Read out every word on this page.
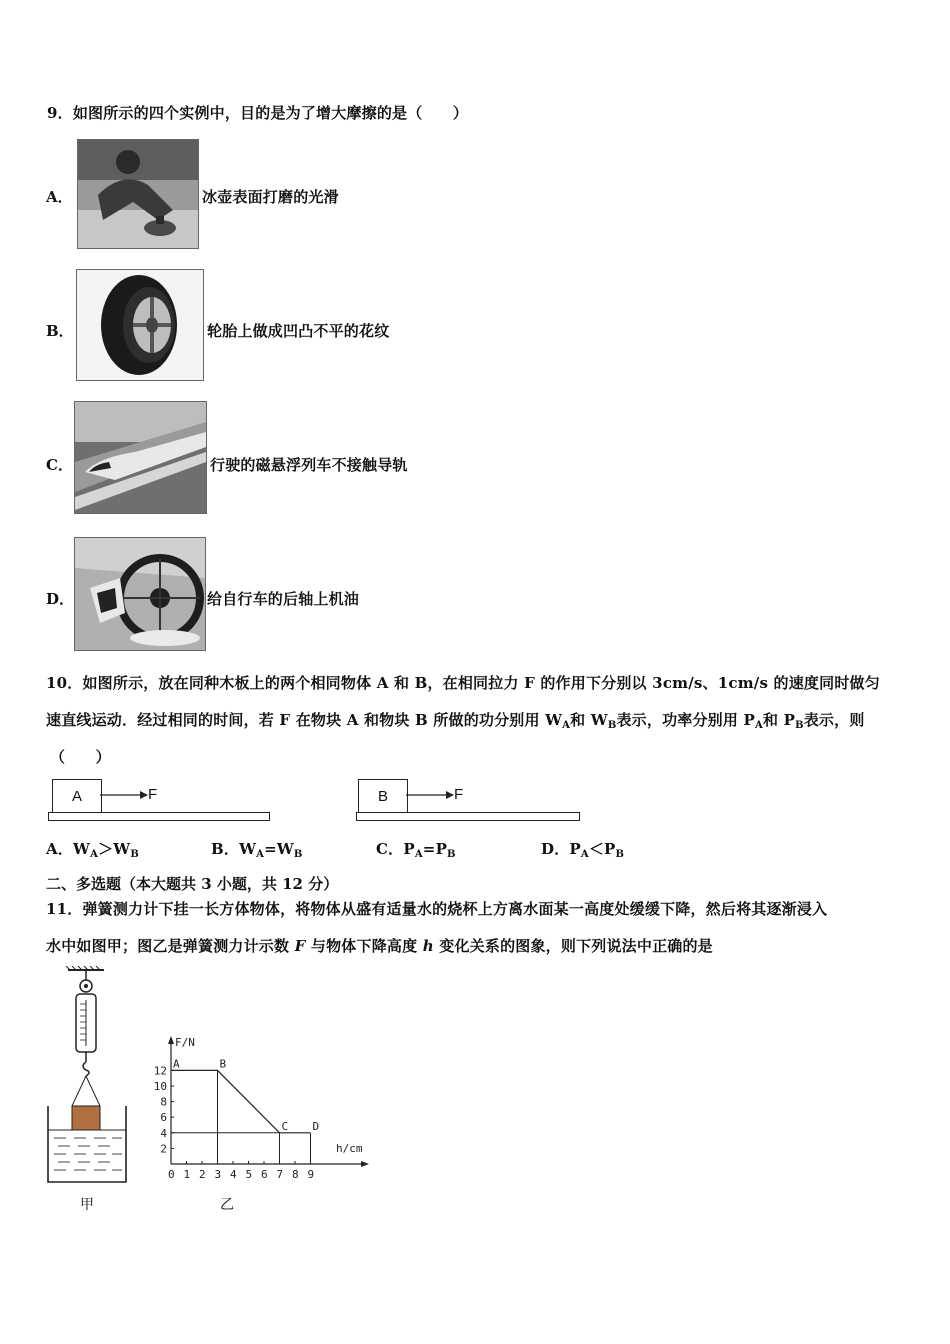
9．如图所示的四个实例中，目的是为了增大摩擦的是（　　）
A．	冰壶表面打磨的光滑
B．	轮胎上做成凹凸不平的花纹
C．	行驶的磁悬浮列车不接触导轨
D．	给自行车的后轴上机油
10．如图所示，放在同种木板上的两个相同物体 A 和 B，在相同拉力 F 的作用下分别以 3cm/s、1cm/s 的速度同时做匀
速直线运动．经过相同的时间，若 F 在物块 A 和物块 B 所做的功分别用 $W_A$和 $W_B$表示，功率分别用 $P_A$和 $P_B$表示，则
（　　）
A	F	B	F
A．$W_A>W_B$	B．$W_A=W_B$	C．$P_A=P_B$	D．$P_A<P_B$
二、多选题（本大题共 3 小题，共 12 分）
11．弹簧测力计下挂一长方体物体，将物体从盛有适量水的烧杯上方离水面某一高度处缓缓下降，然后将其逐渐浸入
水中如图甲；图乙是弹簧测力计示数 F 与物体下降高度 h 变化关系的图象，则下列说法中正确的是
甲
F/N
h/cm
0 1 2 3 4 5 6 7 8 9
2
4
6
8
10
12
A	B
C D
乙
